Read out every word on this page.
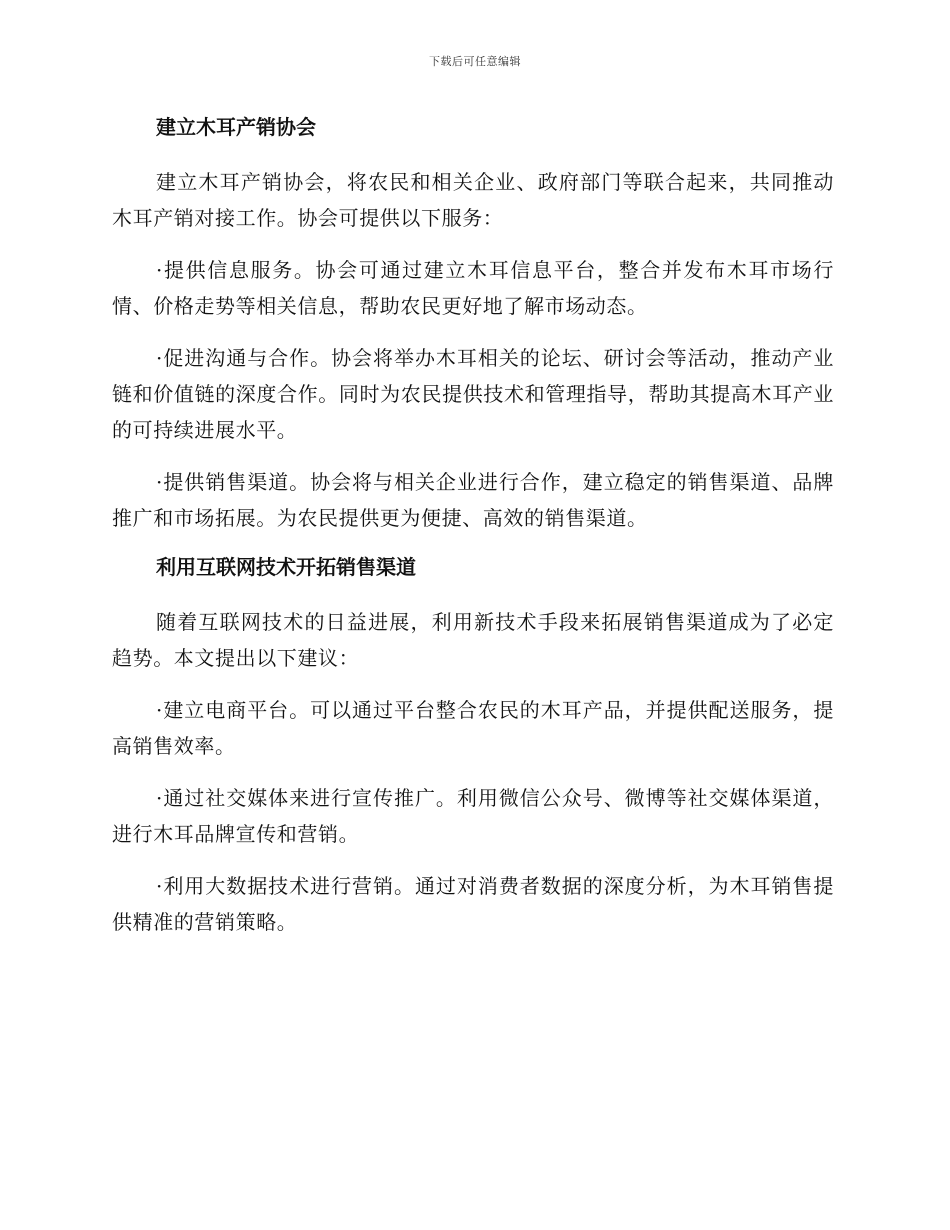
下载后可任意编辑

建立木耳产销协会

建立木耳产销协会，将农民和相关企业、政府部门等联合起来，共同推动木耳产销对接工作。协会可提供以下服务：

·提供信息服务。协会可通过建立木耳信息平台，整合并发布木耳市场行情、价格走势等相关信息，帮助农民更好地了解市场动态。

·促进沟通与合作。协会将举办木耳相关的论坛、研讨会等活动，推动产业链和价值链的深度合作。同时为农民提供技术和管理指导，帮助其提高木耳产业的可持续进展水平。

·提供销售渠道。协会将与相关企业进行合作，建立稳定的销售渠道、品牌推广和市场拓展。为农民提供更为便捷、高效的销售渠道。

利用互联网技术开拓销售渠道

随着互联网技术的日益进展，利用新技术手段来拓展销售渠道成为了必定趋势。本文提出以下建议：

·建立电商平台。可以通过平台整合农民的木耳产品，并提供配送服务，提高销售效率。

·通过社交媒体来进行宣传推广。利用微信公众号、微博等社交媒体渠道，进行木耳品牌宣传和营销。

·利用大数据技术进行营销。通过对消费者数据的深度分析，为木耳销售提供精准的营销策略。
